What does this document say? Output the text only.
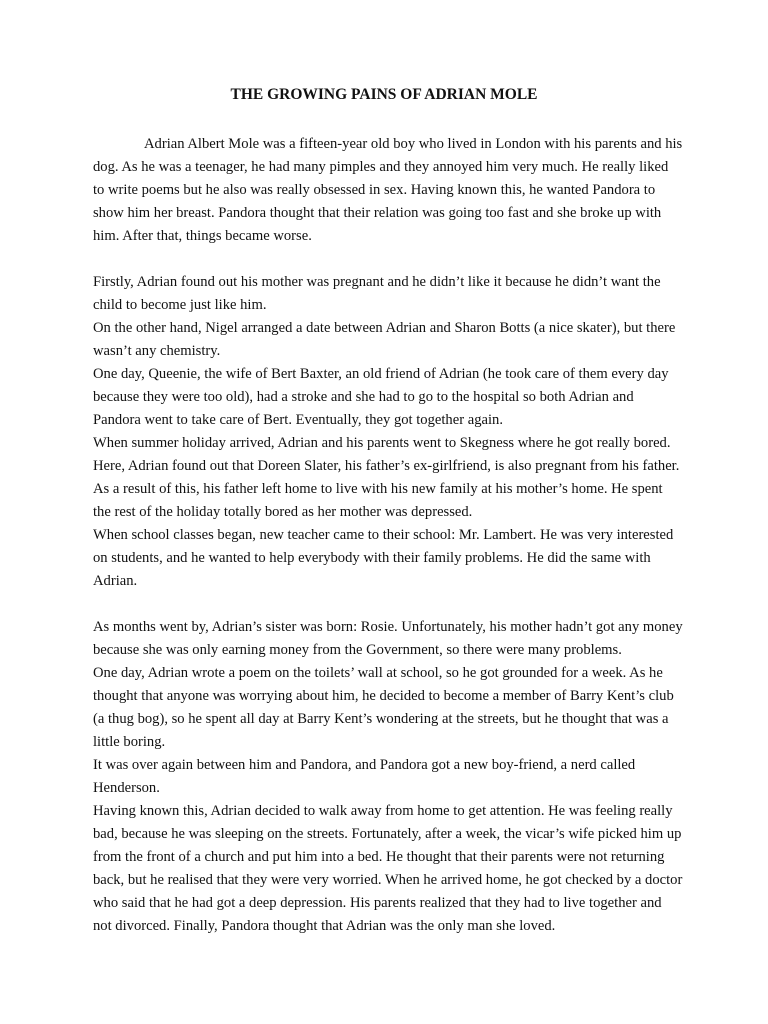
THE GROWING PAINS OF ADRIAN MOLE

Adrian Albert Mole was a fifteen-year old boy who lived in London with his parents and his dog. As he was a teenager, he had many pimples and they annoyed him very much. He really liked to write poems but he also was really obsessed in sex. Having known this, he wanted Pandora to show him her breast. Pandora thought that their relation was going too fast and she broke up with him. After that, things became worse.

Firstly, Adrian found out his mother was pregnant and he didn’t like it because he didn’t want the child to become just like him.

On the other hand, Nigel arranged a date between Adrian and Sharon Botts (a nice skater), but there wasn’t any chemistry.

One day, Queenie, the wife of Bert Baxter, an old friend of Adrian (he took care of them every day because they were too old), had a stroke and she had to go to the hospital so both Adrian and Pandora went to take care of Bert. Eventually, they got together again.

When summer holiday arrived, Adrian and his parents went to Skegness where he got really bored. Here, Adrian found out that Doreen Slater, his father’s ex-girlfriend, is also pregnant from his father. As a result of this, his father left home to live with his new family at his mother’s home. He spent the rest of the holiday totally bored as her mother was depressed.

When school classes began, new teacher came to their school: Mr. Lambert. He was very interested on students, and he wanted to help everybody with their family problems. He did the same with Adrian.

As months went by, Adrian’s sister was born: Rosie. Unfortunately, his mother hadn’t got any money because she was only earning money from the Government, so there were many problems.

One day, Adrian wrote a poem on the toilets’ wall at school, so he got grounded for a week. As he thought that anyone was worrying about him, he decided to become a member of Barry Kent’s club (a thug bog), so he spent all day at Barry Kent’s wondering at the streets, but he thought that was a little boring.

It was over again between him and Pandora, and Pandora got a new boy-friend, a nerd called Henderson.

Having known this, Adrian decided to walk away from home to get attention. He was feeling really bad, because he was sleeping on the streets. Fortunately, after a week, the vicar’s wife picked him up from the front of a church and put him into a bed. He thought that their parents were not returning back, but he realised that they were very worried. When he arrived home, he got checked by a doctor who said that he had got a deep depression. His parents realized that they had to live together and not divorced. Finally, Pandora thought that Adrian was the only man she loved.
